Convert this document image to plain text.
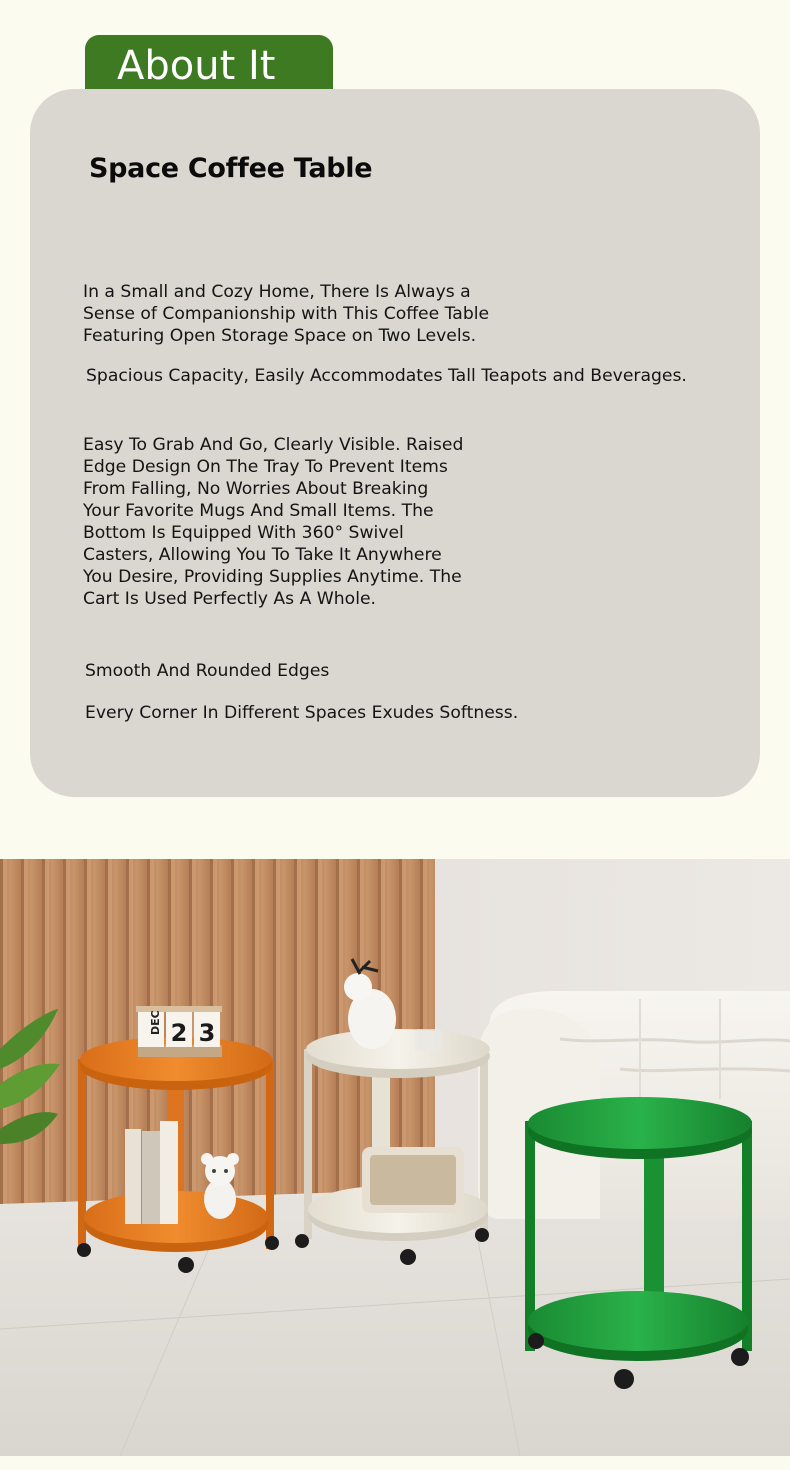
About It
Space Coffee Table

In a Small and Cozy Home, There Is Always a
Sense of Companionship with This Coffee Table
Featuring Open Storage Space on Two Levels.

Spacious Capacity, Easily Accommodates Tall Teapots and Beverages.

Easy To Grab And Go, Clearly Visible. Raised
Edge Design On The Tray To Prevent Items
From Falling, No Worries About Breaking
Your Favorite Mugs And Small Items. The
Bottom Is Equipped With 360° Swivel
Casters, Allowing You To Take It Anywhere
You Desire, Providing Supplies Anytime. The
Cart Is Used Perfectly As A Whole.

Smooth And Rounded Edges

Every Corner In Different Spaces Exudes Softness.

DEC 2 3
